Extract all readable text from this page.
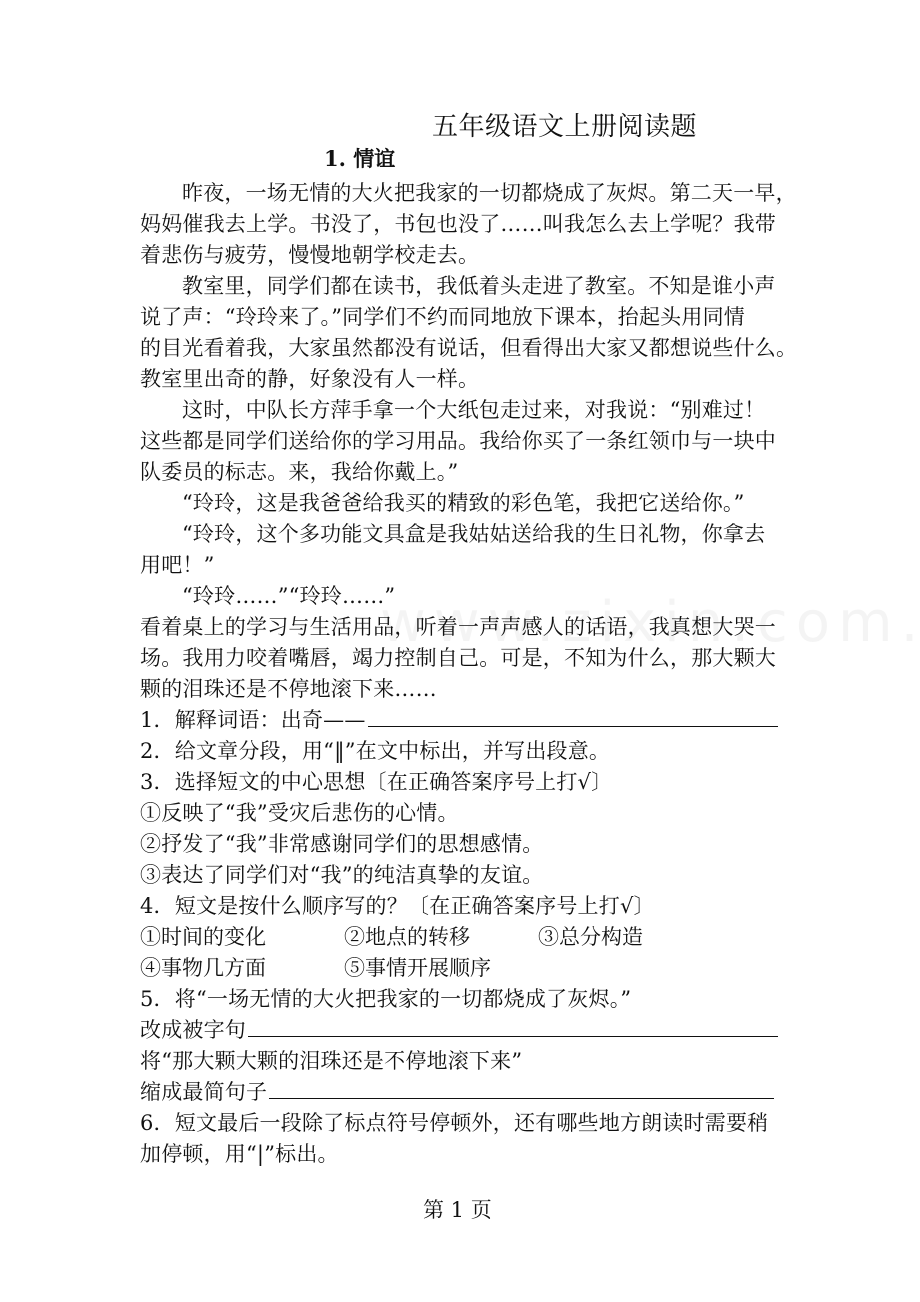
五年级语文上册阅读题
1. 情谊
昨夜，一场无情的大火把我家的一切都烧成了灰烬。第二天一早，
妈妈催我去上学。书没了，书包也没了……叫我怎么去上学呢？我带
着悲伤与疲劳，慢慢地朝学校走去。
教室里，同学们都在读书，我低着头走进了教室。不知是谁小声
说了声：“玲玲来了。”同学们不约而同地放下课本，抬起头用同情
的目光看着我，大家虽然都没有说话，但看得出大家又都想说些什么。
教室里出奇的静，好象没有人一样。
这时，中队长方萍手拿一个大纸包走过来，对我说：“别难过！
这些都是同学们送给你的学习用品。我给你买了一条红领巾与一块中
队委员的标志。来，我给你戴上。”
“玲玲，这是我爸爸给我买的精致的彩色笔，我把它送给你。”
“玲玲，这个多功能文具盒是我姑姑送给我的生日礼物，你拿去
用吧！”
“玲玲……”“玲玲……”
看着桌上的学习与生活用品，听着一声声感人的话语，我真想大哭一
场。我用力咬着嘴唇，竭力控制自己。可是，不知为什么，那大颗大
颗的泪珠还是不停地滚下来……
1．解释词语：出奇——
2．给文章分段，用“‖”在文中标出，并写出段意。
3．选择短文的中心思想〔在正确答案序号上打√〕
①反映了“我”受灾后悲伤的心情。
②抒发了“我”非常感谢同学们的思想感情。
③表达了同学们对“我”的纯洁真挚的友谊。
4．短文是按什么顺序写的？〔在正确答案序号上打√〕
①时间的变化	②地点的转移	③总分构造
④事物几方面	⑤事情开展顺序
5．将“一场无情的大火把我家的一切都烧成了灰烬。”
改成被字句
将“那大颗大颗的泪珠还是不停地滚下来”
缩成最简句子
6．短文最后一段除了标点符号停顿外，还有哪些地方朗读时需要稍
加停顿，用“|”标出。
第 1 页
